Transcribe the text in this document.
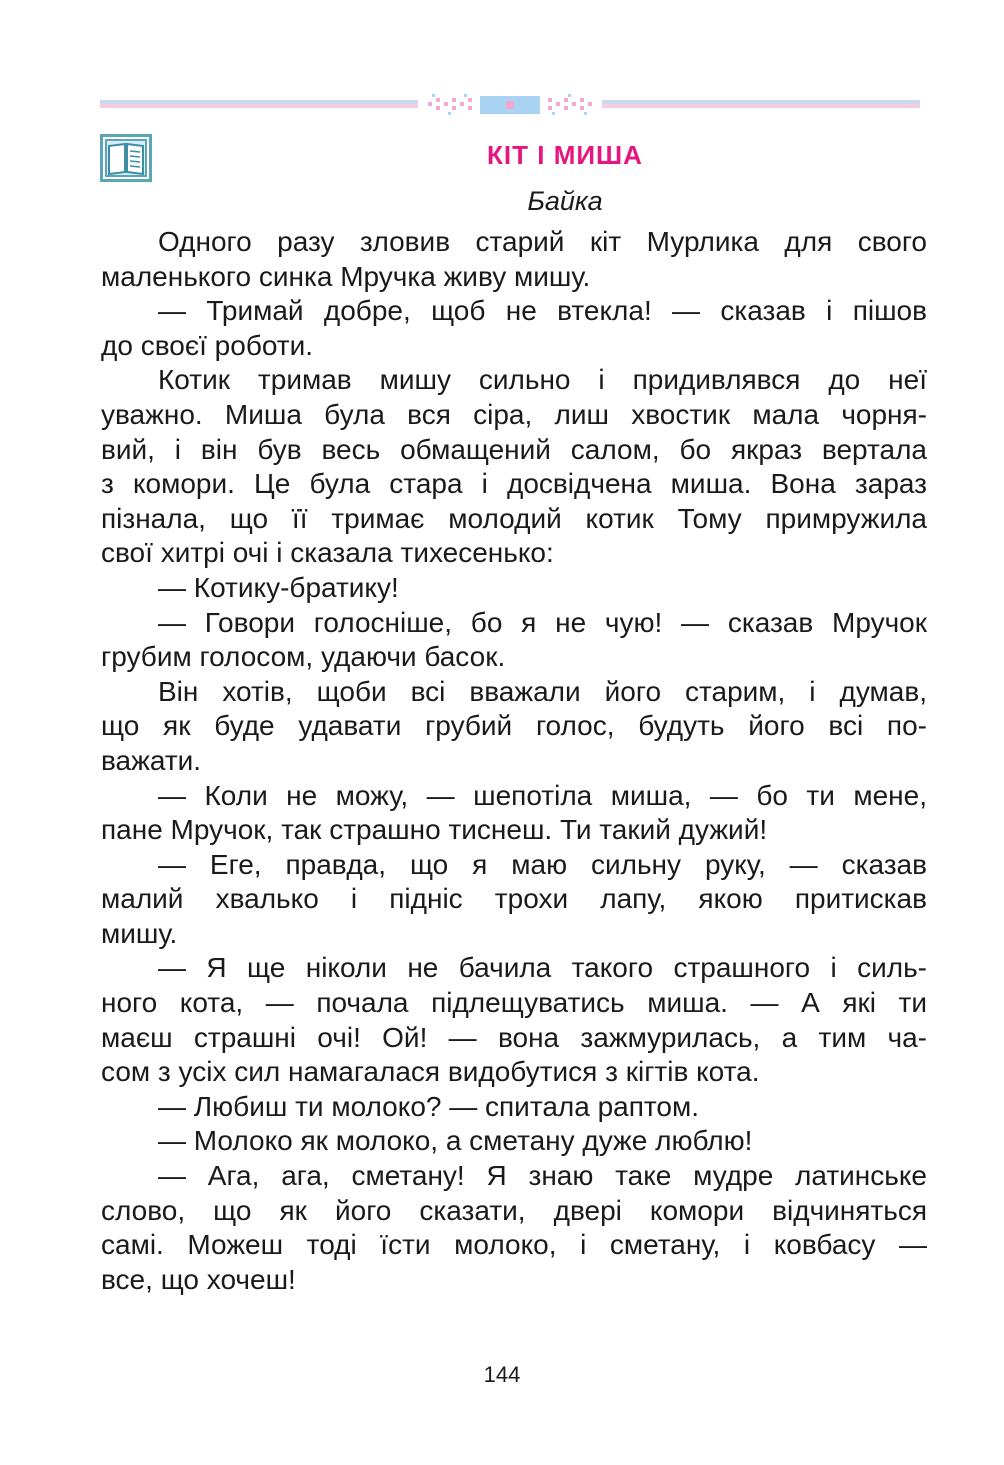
КІТ І МИША
Байка
Одного разу зловив старий кіт Мурлика для свого
маленького синка Мручка живу мишу.
— Тримай добре, щоб не втекла! — сказав і пішов
до своєї роботи.
Котик тримав мишу сильно і придивлявся до неї
уважно. Миша була вся сіра, лиш хвостик мала чорня-
вий, і він був весь обмащений салом, бо якраз вертала
з комори. Це була стара і досвідчена миша. Вона зараз
пізнала, що її тримає молодий котик Тому примружила
свої хитрі очі і сказала тихесенько:
— Котику-братику!
— Говори голосніше, бо я не чую! — сказав Мручок
грубим голосом, удаючи басок.
Він хотів, щоби всі вважали його старим, і думав,
що як буде удавати грубий голос, будуть його всі по-
важати.
— Коли не можу, — шепотіла миша, — бо ти мене,
пане Мручок, так страшно тиснеш. Ти такий дужий!
— Еге, правда, що я маю сильну руку, — сказав
малий хвалько і підніс трохи лапу, якою притискав
мишу.
— Я ще ніколи не бачила такого страшного і силь-
ного кота, — почала підлещуватись миша. — А які ти
маєш страшні очі! Ой! — вона зажмурилась, а тим ча-
сом з усіх сил намагалася видобутися з кігтів кота.
— Любиш ти молоко? — спитала раптом.
— Молоко як молоко, а сметану дуже люблю!
— Ага, ага, сметану! Я знаю таке мудре латинське
слово, що як його сказати, двері комори відчиняться
самі. Можеш тоді їсти молоко, і сметану, і ковбасу —
все, що хочеш!
144
